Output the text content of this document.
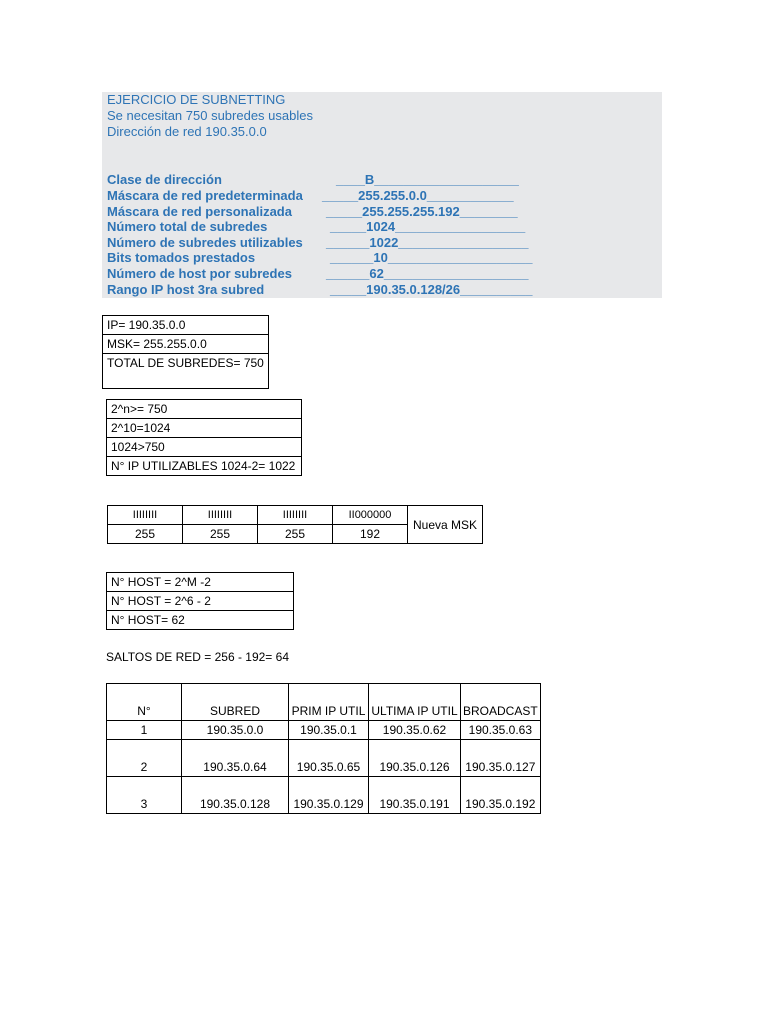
EJERCICIO DE SUBNETTING
Se necesitan 750 subredes usables
Dirección de red 190.35.0.0
Clase de dirección	____B____________________
Máscara de red predeterminada _____255.255.0.0____________
Máscara de red personalizada	_____255.255.255.192________
Número total de subredes	_____1024__________________
Número de subredes utilizables ______1022__________________
Bits tomados prestados	______10____________________
Número de host por subredes	______62____________________
Rango IP host 3ra subred	_____190.35.0.128/26__________
IP= 190.35.0.0
MSK= 255.255.0.0
TOTAL DE SUBREDES= 750
2^n>= 750
2^10=1024
1024>750
N° IP UTILIZABLES 1024-2= 1022
IIIIIIII	IIIIIIII	IIIIIIII	II000000	Nueva MSK
255	255	255	192	
N° HOST = 2^M -2
N° HOST = 2^6 - 2
N° HOST= 62
SALTOS DE RED = 256 - 192= 64
N°	SUBRED	PRIM IP UTIL	ULTIMA IP UTIL	BROADCAST
1	190.35.0.0	190.35.0.1	190.35.0.62	190.35.0.63
2	190.35.0.64	190.35.0.65	190.35.0.126	190.35.0.127
3	190.35.0.128	190.35.0.129	190.35.0.191	190.35.0.192
